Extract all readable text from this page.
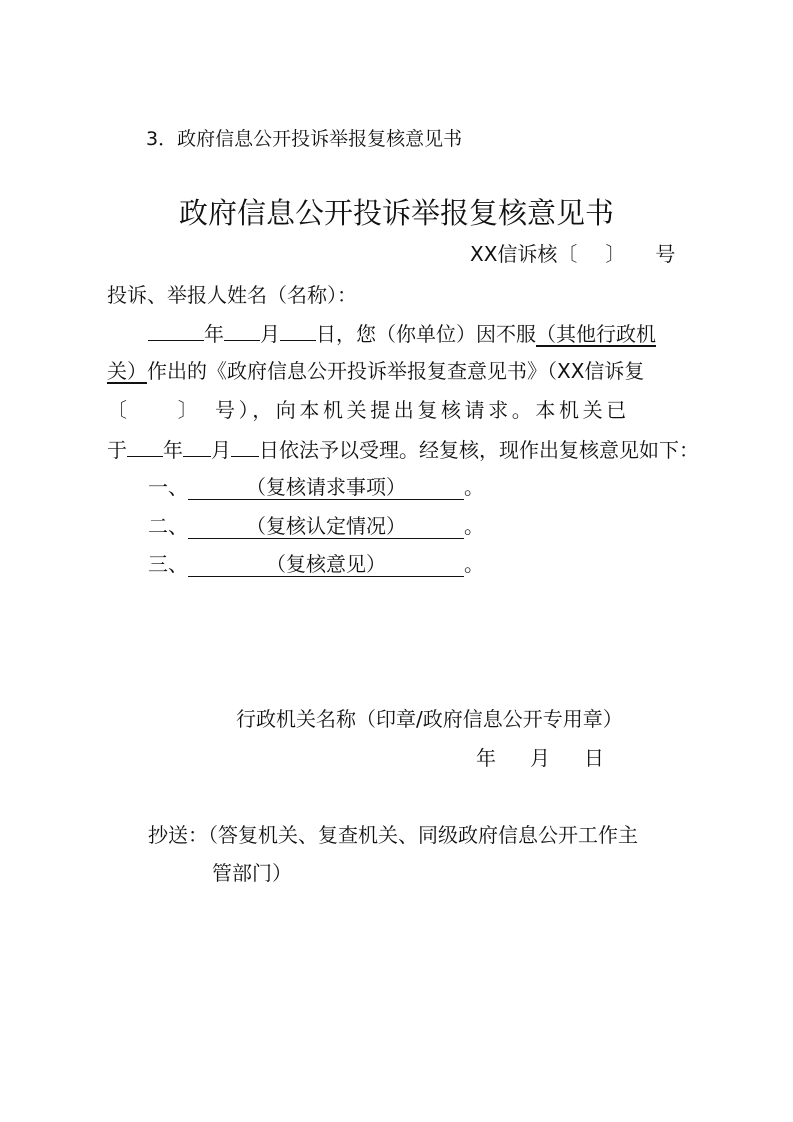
3．政府信息公开投诉举报复核意见书
政府信息公开投诉举报复核意见书
XX信诉核〔 〕 号
投诉、举报人姓名（名称）：
年 月 日，您（你单位）因不服（其他行政机
关）作出的《政府信息公开投诉举报复查意见书》（XX信诉复
〔　　〕　号），向本机关提出复核请求。本机关已
于 年 月 日依法予以受理。经复核，现作出复核意见如下：
一、	（复核请求事项）	。
二、	（复核认定情况）	。
三、	（复核意见）	。
行政机关名称（印章/政府信息公开专用章）
年 月 日
抄送：（答复机关、复查机关、同级政府信息公开工作主
管部门）
